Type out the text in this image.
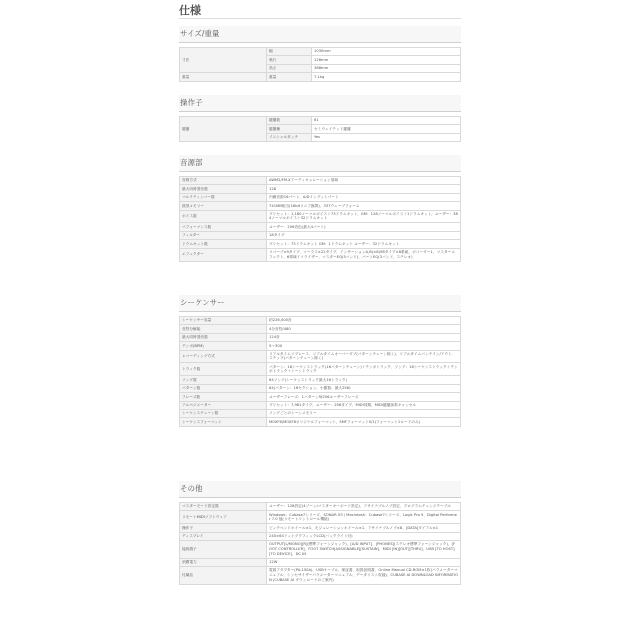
仕様
サイズ/重量
寸法	幅	1030mm
	奥行	126mm
	高さ	388mm
重量	重量	7.1kg
操作子
鍵盤	鍵盤数	61
	鍵盤種	セミウェイテッド鍵盤
	イニシャルタッチ	Yes
音源部
音源方式	AWM2/FM-Xアーティキュレーション領域
最大同時発音数	128
マルチティンバー数	内蔵音源16パート、A/Dインプットパート
波形メモリー	741MB相当(16bitリニア換算)、337ウェーブフォーム
ボイス数	プリセット：1,180ノーマルボイス＋73ドラムキット、GM：128ノーマルボイス＋1ドラムキット、ユーザー：384ノーマルボイス＋32ドラムキット
パフォーマンス数	ユーザー：256音色(最大4パート)
フィルター	18タイプ
ドラムキット数	プリセット：73ドラムキット GM：1ドラムキット ユーザー：32ドラムキット
エフェクター	リバーブ×9タイプ、コーラス×22タイプ、インサーションA,B(×8)58タイプ×8系統、ボコーダー1、マスターエフェクト、6帯域イコライザー、マスターEQ(5バンド)、パートEQ(3バンド、ステレオ)
シーケンサー
シーケンサー容量	約226,000音
音符分解能	4分音符/480
最大同時発音数	124音
テンポ(BPM)	5～300
レコーディング方式	リアルタイムリプレース、リアルタイムオーバーダブ(パターンチェーン除く)、リアルタイムパンチイン/アウト、ステップ(パターンチェーン除く)
トラック数	パターン：16シーケンストラック(16パターンチェーン)＋テンポトラック、ソング：16シーケンストラック＋テンポトラック＋シーントラック
ソング数	64ソング(シーケンストラック最大16トラック)
パターン数	64(パターン：16セクション、小節数：最大256)
フレーズ数	ユーザーフレーズ：1パターン毎256ユーザーフレーズ
アルペジエーター	プリセット：7,981タイプ、ユーザー：256タイプ、MIDI同期、MIDI鍵盤演奏キャンセル
シーケンスチェーン数	ソングごとのシーンメモリー
シーケンスフォーマット	MOXF6/MOXF8オリジナルフォーマット、SMFフォーマット0/1(フォーマット1ロードのみ)
その他
マスターモード設定数	ユーザー：128設定(4ゾーン/マスターキーボード設定)、アサイナブルノブ設定、プログラムチェンジテーブル
リモートMIDIソフトウェア	Windows：Cubase7シリーズ、SONAR X3 / Macintosh：Cubase7シリーズ、Logic Pro 9、Digital Performer 7.0 他(リモートコントロール機能)
操作子	ピッチベンドホイール×1、モジュレーションホイール×1、アサイナブルノブ×8、[DATA]ダイアル×1
ディスプレイ	240×64ドットグラフィックLCD(バックライト付)
接続端子	OUTPUT[L/MONO][R](標準フォーンジャック)、[A/D INPUT]、[PHONES](ステレオ標準フォーンジャック)、[FOOT CONTROLLER]、FOOT SWITCH[ASSIGNABLE][SUSTAIN]、MIDI [IN][OUT][THRU]、USB [TO HOST][TO DEVICE]、DC IN
消費電力	12W
付属品	電源アダプター(PA-150A)、USBケーブル、保証書、取扱説明書、Online Manual CD-ROM×1枚(パラメーターマニュアル、シンセサイザーパラメーターマニュアル、データリスト収録)、CUBASE AI DOWNLOAD INFORMATION (CUBASE AI ダウンロードのご案内)
